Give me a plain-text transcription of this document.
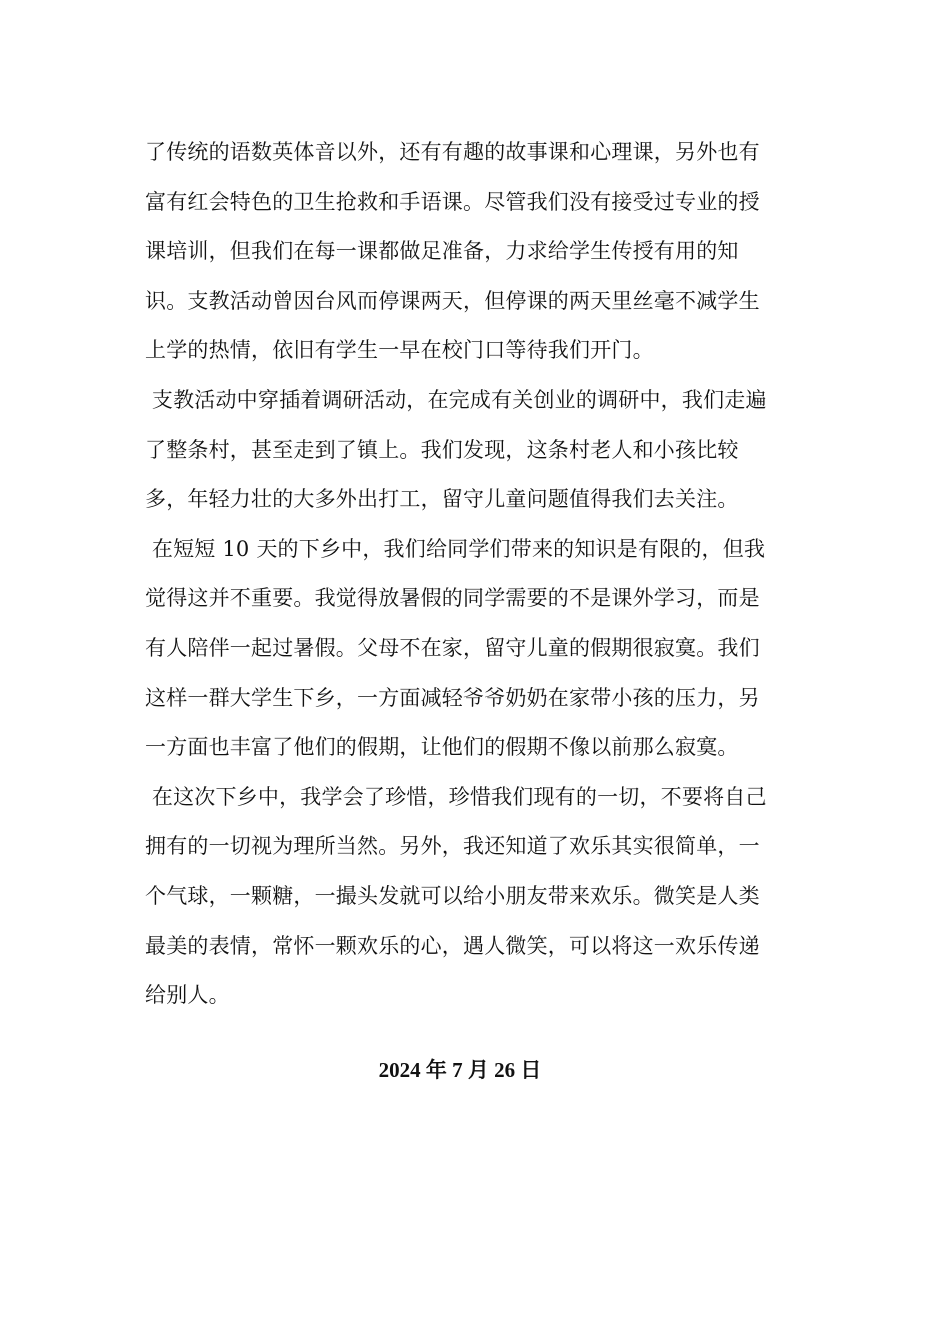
了传统的语数英体音以外，还有有趣的故事课和心理课，另外也有
富有红会特色的卫生抢救和手语课。尽管我们没有接受过专业的授
课培训，但我们在每一课都做足准备，力求给学生传授有用的知
识。支教活动曾因台风而停课两天，但停课的两天里丝毫不减学生
上学的热情，依旧有学生一早在校门口等待我们开门。
支教活动中穿插着调研活动，在完成有关创业的调研中，我们走遍
了整条村，甚至走到了镇上。我们发现，这条村老人和小孩比较
多，年轻力壮的大多外出打工，留守儿童问题值得我们去关注。
在短短 10 天的下乡中，我们给同学们带来的知识是有限的，但我
觉得这并不重要。我觉得放暑假的同学需要的不是课外学习，而是
有人陪伴一起过暑假。父母不在家，留守儿童的假期很寂寞。我们
这样一群大学生下乡，一方面减轻爷爷奶奶在家带小孩的压力，另
一方面也丰富了他们的假期，让他们的假期不像以前那么寂寞。
在这次下乡中，我学会了珍惜，珍惜我们现有的一切，不要将自己
拥有的一切视为理所当然。另外，我还知道了欢乐其实很简单，一
个气球，一颗糖，一撮头发就可以给小朋友带来欢乐。微笑是人类
最美的表情，常怀一颗欢乐的心，遇人微笑，可以将这一欢乐传递
给别人。
2024 年 7 月 26 日
